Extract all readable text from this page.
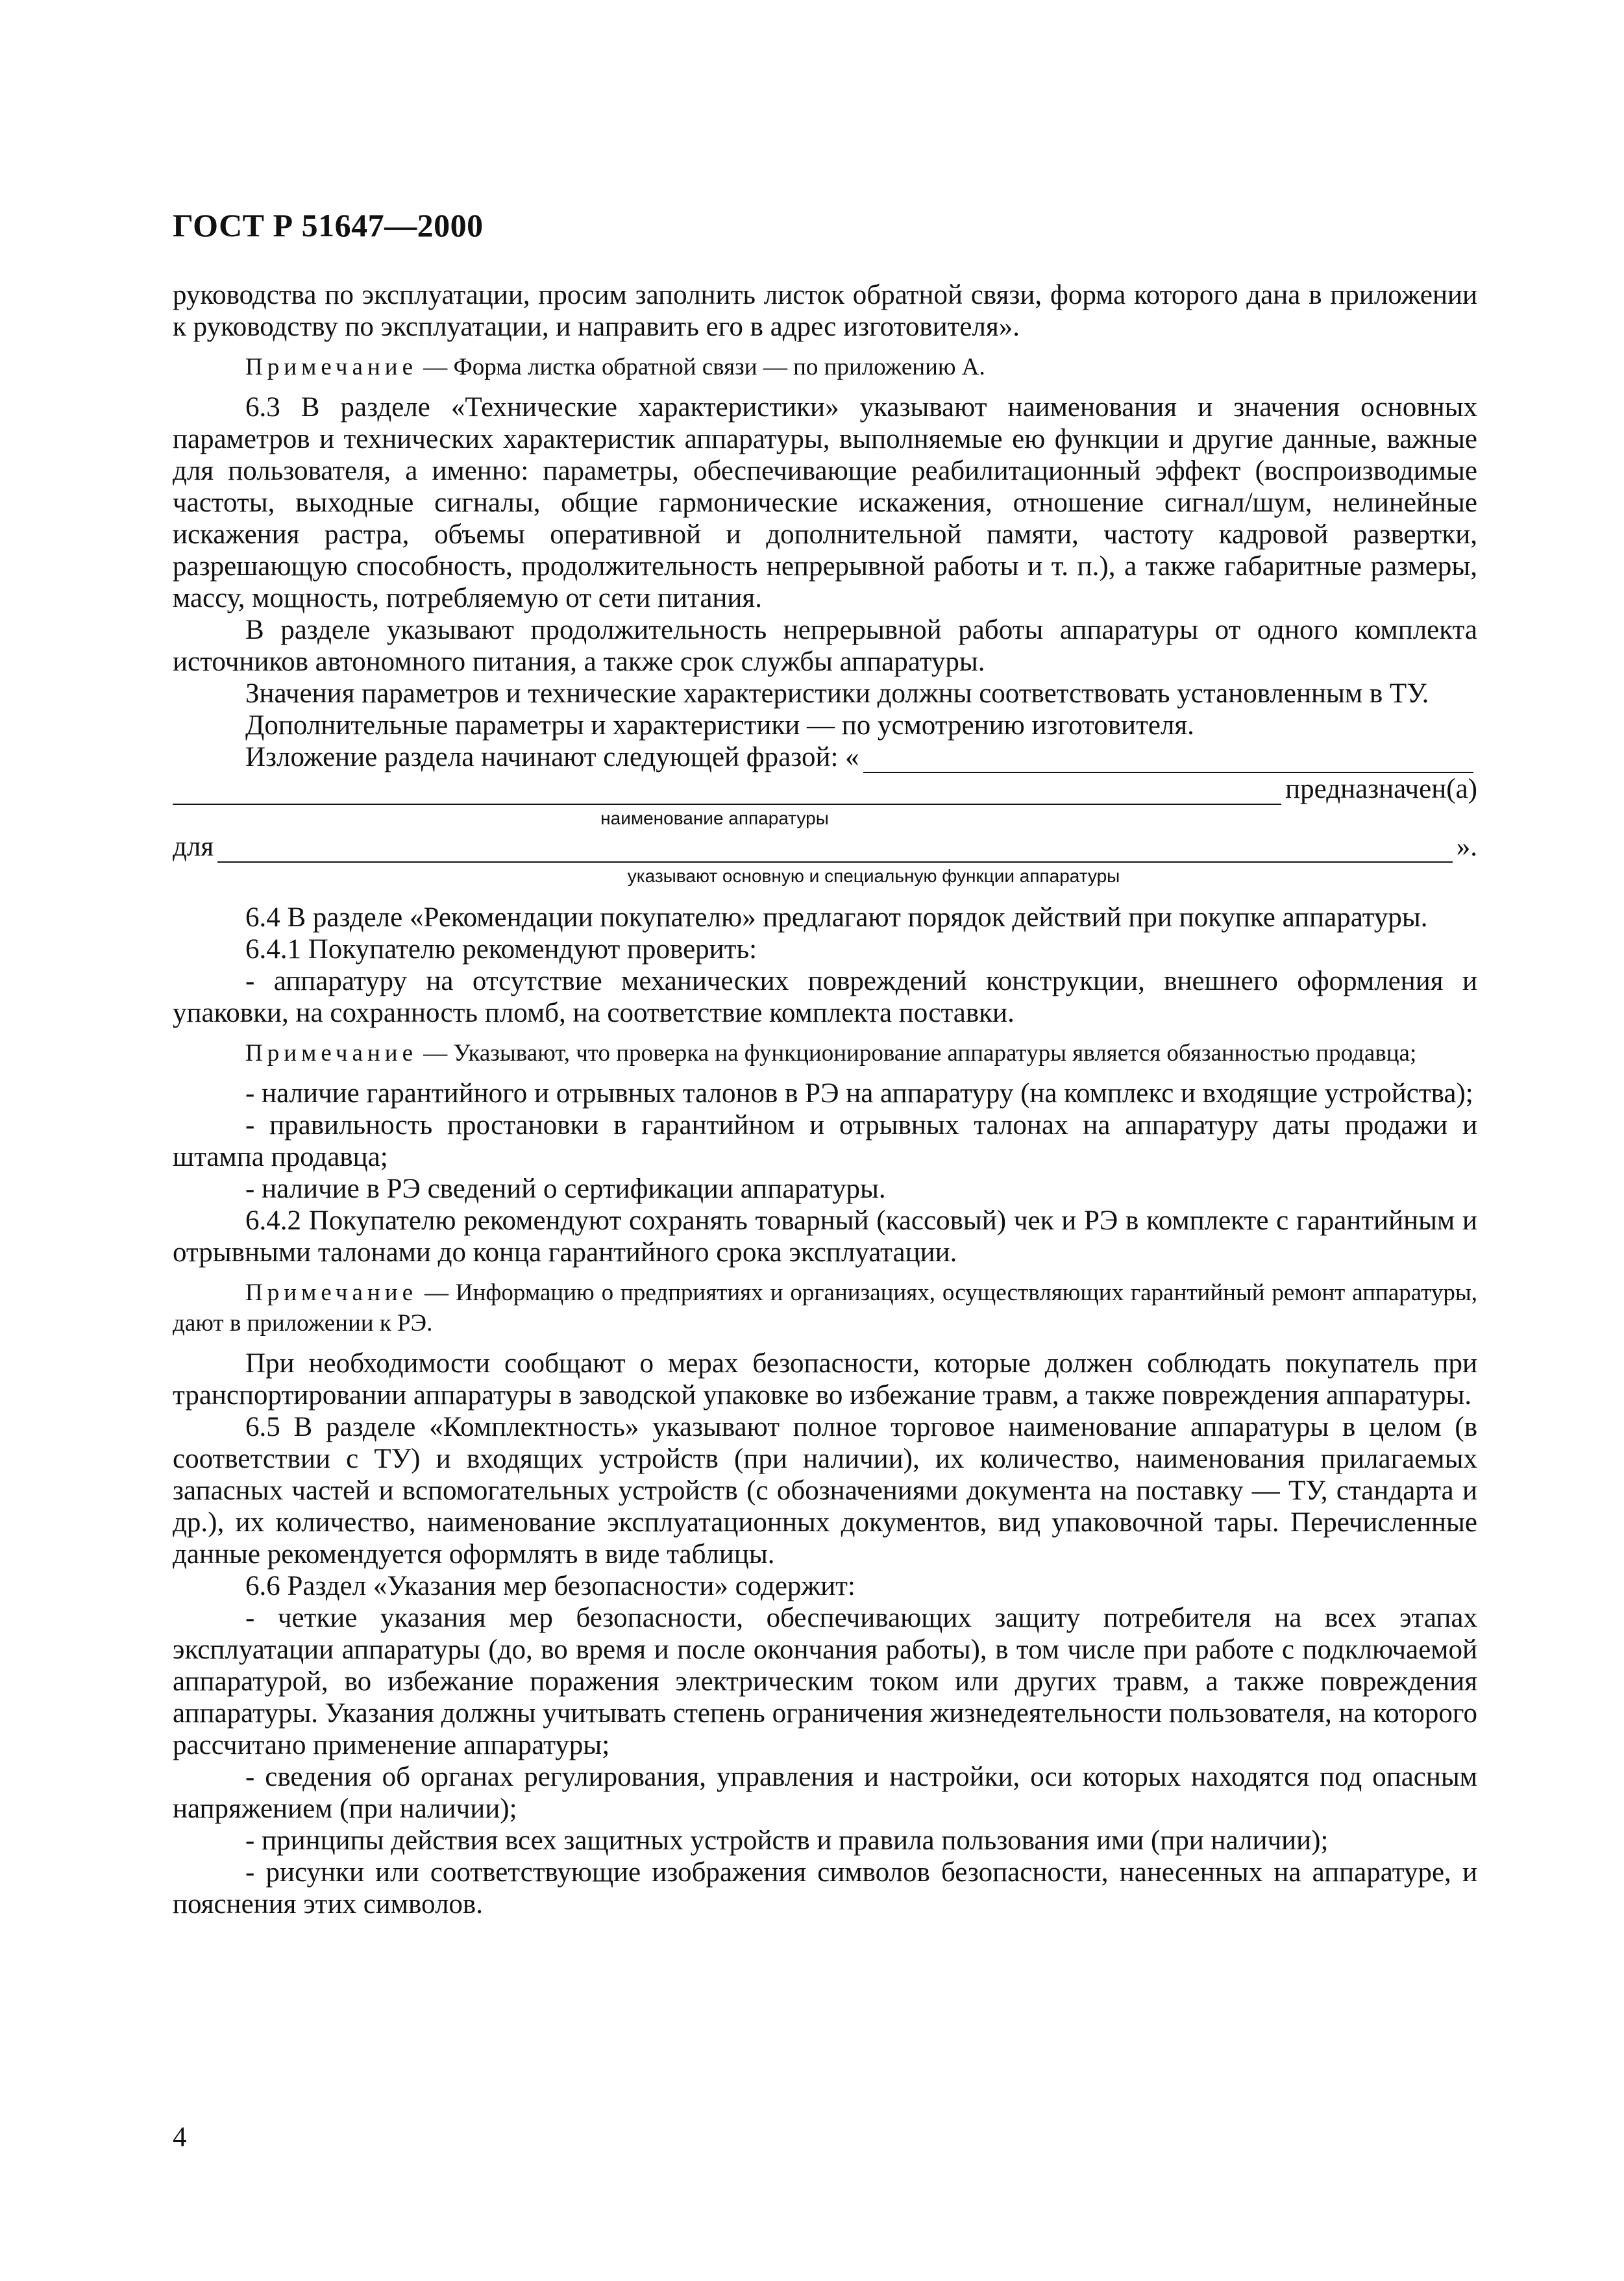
ГОСТ Р 51647—2000
руководства по эксплуатации, просим заполнить листок обратной связи, форма которого дана в приложении к руководству по эксплуатации, и направить его в адрес изготовителя».
Примечание — Форма листка обратной связи — по приложению А.
6.3 В разделе «Технические характеристики» указывают наименования и значения основных параметров и технических характеристик аппаратуры, выполняемые ею функции и другие данные, важные для пользователя, а именно: параметры, обеспечивающие реабилитационный эффект (воспроизводимые частоты, выходные сигналы, общие гармонические искажения, отношение сигнал/шум, нелинейные искажения растра, объемы оперативной и дополнительной памяти, частоту кадровой развертки, разрешающую способность, продолжительность непрерывной работы и т. п.), а также габаритные размеры, массу, мощность, потребляемую от сети питания.
В разделе указывают продолжительность непрерывной работы аппаратуры от одного комплекта источников автономного питания, а также срок службы аппаратуры.
Значения параметров и технические характеристики должны соответствовать установленным в ТУ.
Дополнительные параметры и характеристики — по усмотрению изготовителя.
Изложение раздела начинают следующей фразой: «
предназначен(а)
наименование аппаратуры
для	».
указывают основную и специальную функции аппаратуры
6.4 В разделе «Рекомендации покупателю» предлагают порядок действий при покупке аппаратуры.
6.4.1 Покупателю рекомендуют проверить:
- аппаратуру на отсутствие механических повреждений конструкции, внешнего оформления и упаковки, на сохранность пломб, на соответствие комплекта поставки.
Примечание — Указывают, что проверка на функционирование аппаратуры является обязанностью продавца;
- наличие гарантийного и отрывных талонов в РЭ на аппаратуру (на комплекс и входящие устройства);
- правильность простановки в гарантийном и отрывных талонах на аппаратуру даты продажи и штампа продавца;
- наличие в РЭ сведений о сертификации аппаратуры.
6.4.2 Покупателю рекомендуют сохранять товарный (кассовый) чек и РЭ в комплекте с гарантийным и отрывными талонами до конца гарантийного срока эксплуатации.
Примечание — Информацию о предприятиях и организациях, осуществляющих гарантийный ремонт аппаратуры, дают в приложении к РЭ.
При необходимости сообщают о мерах безопасности, которые должен соблюдать покупатель при транспортировании аппаратуры в заводской упаковке во избежание травм, а также повреждения аппаратуры.
6.5 В разделе «Комплектность» указывают полное торговое наименование аппаратуры в целом (в соответствии с ТУ) и входящих устройств (при наличии), их количество, наименования прилагаемых запасных частей и вспомогательных устройств (с обозначениями документа на поставку — ТУ, стандарта и др.), их количество, наименование эксплуатационных документов, вид упаковочной тары. Перечисленные данные рекомендуется оформлять в виде таблицы.
6.6 Раздел «Указания мер безопасности» содержит:
- четкие указания мер безопасности, обеспечивающих защиту потребителя на всех этапах эксплуатации аппаратуры (до, во время и после окончания работы), в том числе при работе с подключаемой аппаратурой, во избежание поражения электрическим током или других травм, а также повреждения аппаратуры. Указания должны учитывать степень ограничения жизнедеятельности пользователя, на которого рассчитано применение аппаратуры;
- сведения об органах регулирования, управления и настройки, оси которых находятся под опасным напряжением (при наличии);
- принципы действия всех защитных устройств и правила пользования ими (при наличии);
- рисунки или соответствующие изображения символов безопасности, нанесенных на аппаратуре, и пояснения этих символов.
4
